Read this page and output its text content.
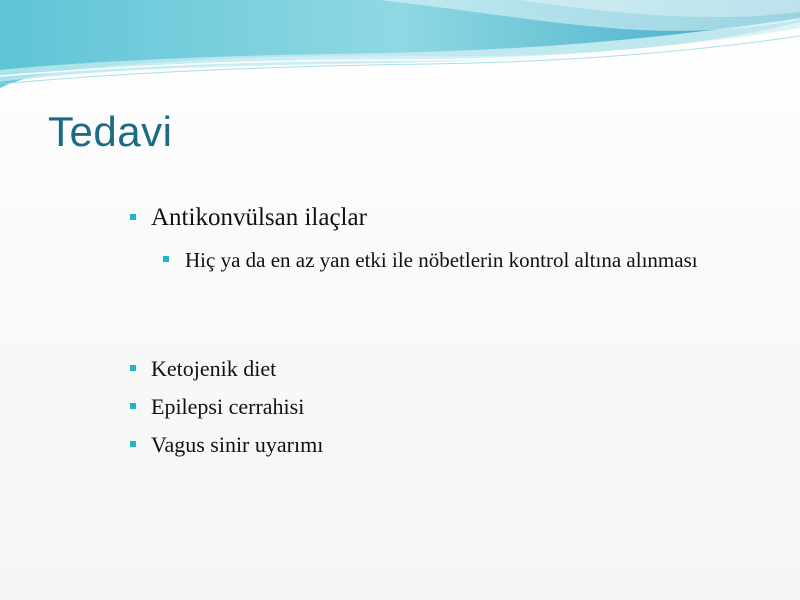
Tedavi
Antikonvülsan ilaçlar
Hiç ya da en az yan etki ile nöbetlerin kontrol altına alınması
Ketojenik diet
Epilepsi cerrahisi
Vagus sinir uyarımı
